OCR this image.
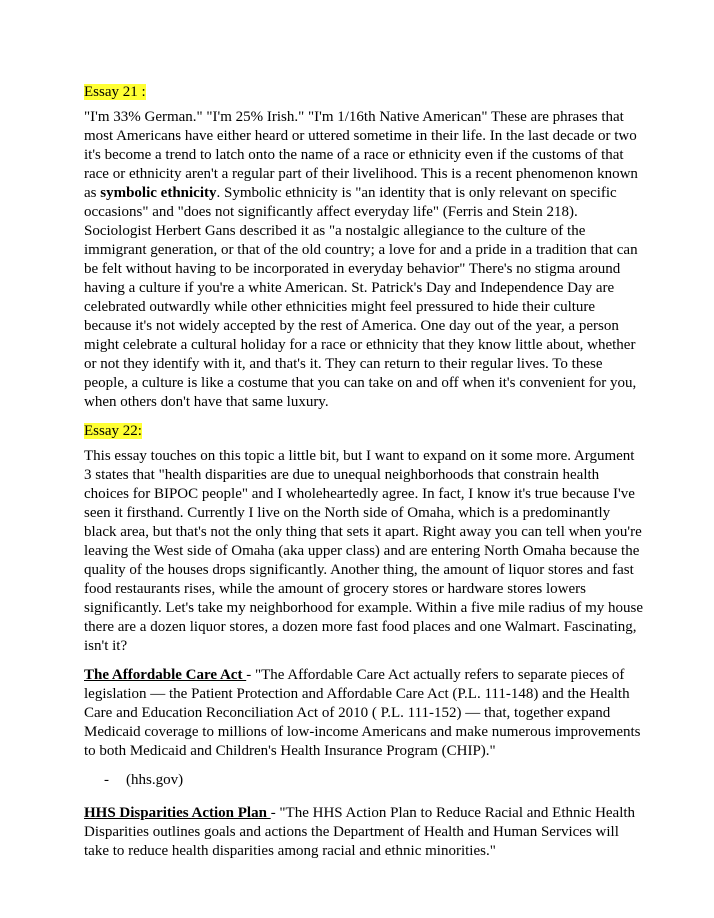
Essay 21 :

"I'm 33% German." "I'm 25% Irish." "I'm 1/16th Native American" These are phrases that most Americans have either heard or uttered sometime in their life. In the last decade or two it's become a trend to latch onto the name of a race or ethnicity even if the customs of that race or ethnicity aren't a regular part of their livelihood. This is a recent phenomenon known as symbolic ethnicity. Symbolic ethnicity is "an identity that is only relevant on specific occasions" and "does not significantly affect everyday life" (Ferris and Stein 218). Sociologist Herbert Gans described it as "a nostalgic allegiance to the culture of the immigrant generation, or that of the old country; a love for and a pride in a tradition that can be felt without having to be incorporated in everyday behavior" There's no stigma around having a culture if you're a white American. St. Patrick's Day and Independence Day are celebrated outwardly while other ethnicities might feel pressured to hide their culture because it's not widely accepted by the rest of America. One day out of the year, a person might celebrate a cultural holiday for a race or ethnicity that they know little about, whether or not they identify with it, and that's it. They can return to their regular lives. To these people, a culture is like a costume that you can take on and off when it's convenient for you, when others don't have that same luxury.

Essay 22:

This essay touches on this topic a little bit, but I want to expand on it some more. Argument 3 states that "health disparities are due to unequal neighborhoods that constrain health choices for BIPOC people" and I wholeheartedly agree. In fact, I know it's true because I've seen it firsthand. Currently I live on the North side of Omaha, which is a predominantly black area, but that's not the only thing that sets it apart. Right away you can tell when you're leaving the West side of Omaha (aka upper class) and are entering North Omaha because the quality of the houses drops significantly. Another thing, the amount of liquor stores and fast food restaurants rises, while the amount of grocery stores or hardware stores lowers significantly. Let's take my neighborhood for example. Within a five mile radius of my house there are a dozen liquor stores, a dozen more fast food places and one Walmart. Fascinating, isn't it?

The Affordable Care Act - "The Affordable Care Act actually refers to separate pieces of legislation — the Patient Protection and Affordable Care Act (P.L. 111-148) and the Health Care and Education Reconciliation Act of 2010 ( P.L. 111-152) — that, together expand Medicaid coverage to millions of low-income Americans and make numerous improvements to both Medicaid and Children's Health Insurance Program (CHIP)."

-	(hhs.gov)

HHS Disparities Action Plan - "The HHS Action Plan to Reduce Racial and Ethnic Health Disparities outlines goals and actions the Department of Health and Human Services will take to reduce health disparities among racial and ethnic minorities."
